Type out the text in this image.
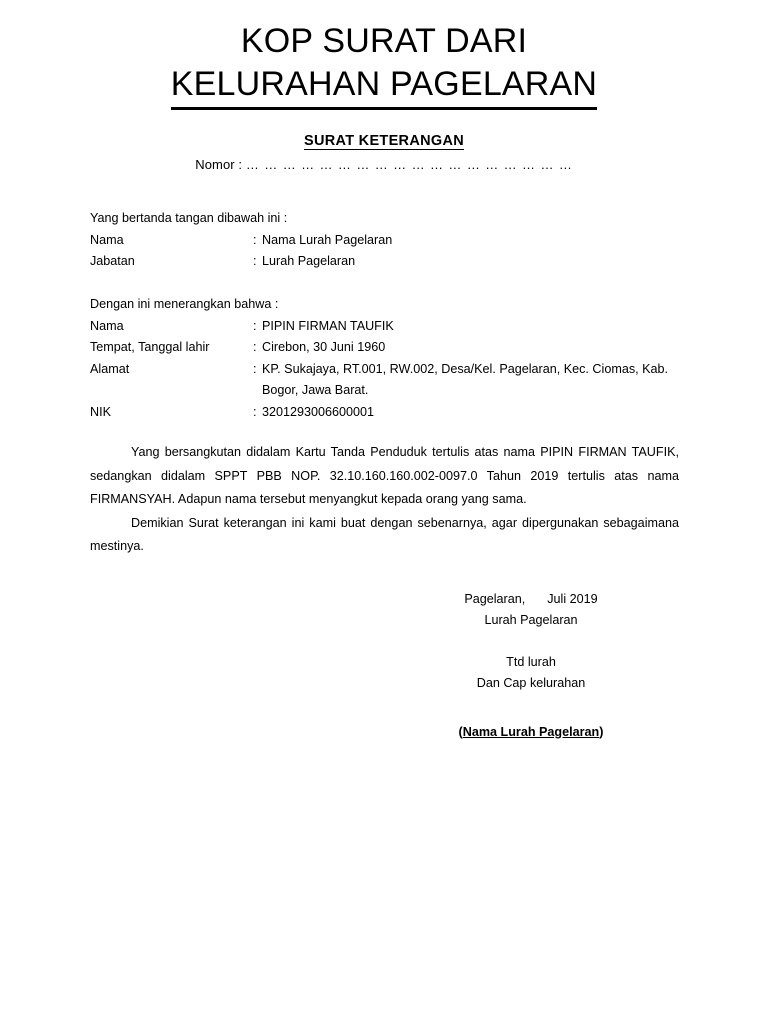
KOP SURAT DARI
KELURAHAN PAGELARAN
SURAT KETERANGAN
Nomor : … … … … … … … … … … … … … … … … … …
Yang bertanda tangan dibawah ini :
Nama	:	Nama Lurah Pagelaran
Jabatan	:	Lurah Pagelaran
Dengan ini menerangkan bahwa :
Nama	:	PIPIN FIRMAN TAUFIK
Tempat, Tanggal lahir	:	Cirebon, 30 Juni 1960
Alamat	:	KP. Sukajaya, RT.001, RW.002, Desa/Kel. Pagelaran, Kec. Ciomas, Kab. Bogor, Jawa Barat.
NIK	:	3201293006600001
Yang bersangkutan didalam Kartu Tanda Penduduk tertulis atas nama PIPIN FIRMAN TAUFIK, sedangkan didalam SPPT PBB NOP. 32.10.160.160.002-0097.0 Tahun 2019 tertulis atas nama FIRMANSYAH. Adapun nama tersebut menyangkut kepada orang yang sama.
Demikian Surat keterangan ini kami buat dengan sebenarnya, agar dipergunakan sebagaimana mestinya.
Pagelaran, Juli 2019
Lurah Pagelaran
Ttd lurah
Dan Cap kelurahan
(Nama Lurah Pagelaran)
